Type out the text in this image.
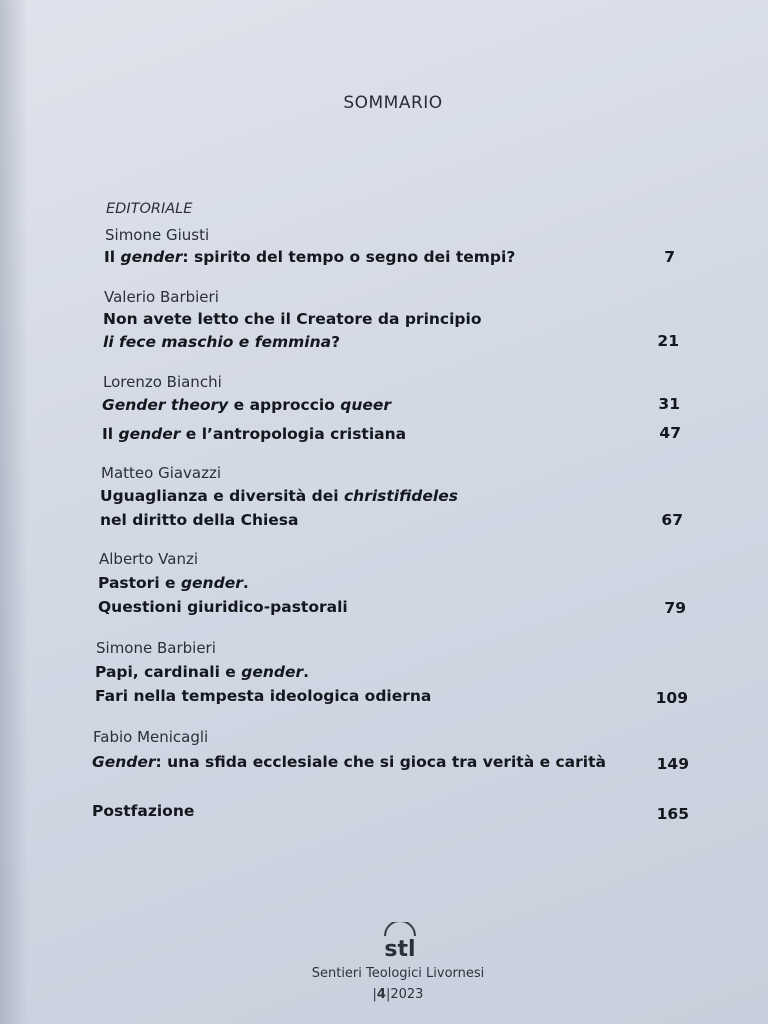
SOMMARIO
EDITORIALE
Simone Giusti
Il gender: spirito del tempo o segno dei tempi?	7
Valerio Barbieri
Non avete letto che il Creatore da principio
li fece maschio e femmina?	21
Lorenzo Bianchi
Gender theory e approccio queer	31
Il gender e l’antropologia cristiana	47
Matteo Giavazzi
Uguaglianza e diversità dei christifideles
nel diritto della Chiesa	67
Alberto Vanzi
Pastori e gender.
Questioni giuridico-pastorali	79
Simone Barbieri
Papi, cardinali e gender.
Fari nella tempesta ideologica odierna	109
Fabio Menicagli
Gender: una sfida ecclesiale che si gioca tra verità e carità	149
Postfazione	165
stl
Sentieri Teologici Livornesi
|4|2023
